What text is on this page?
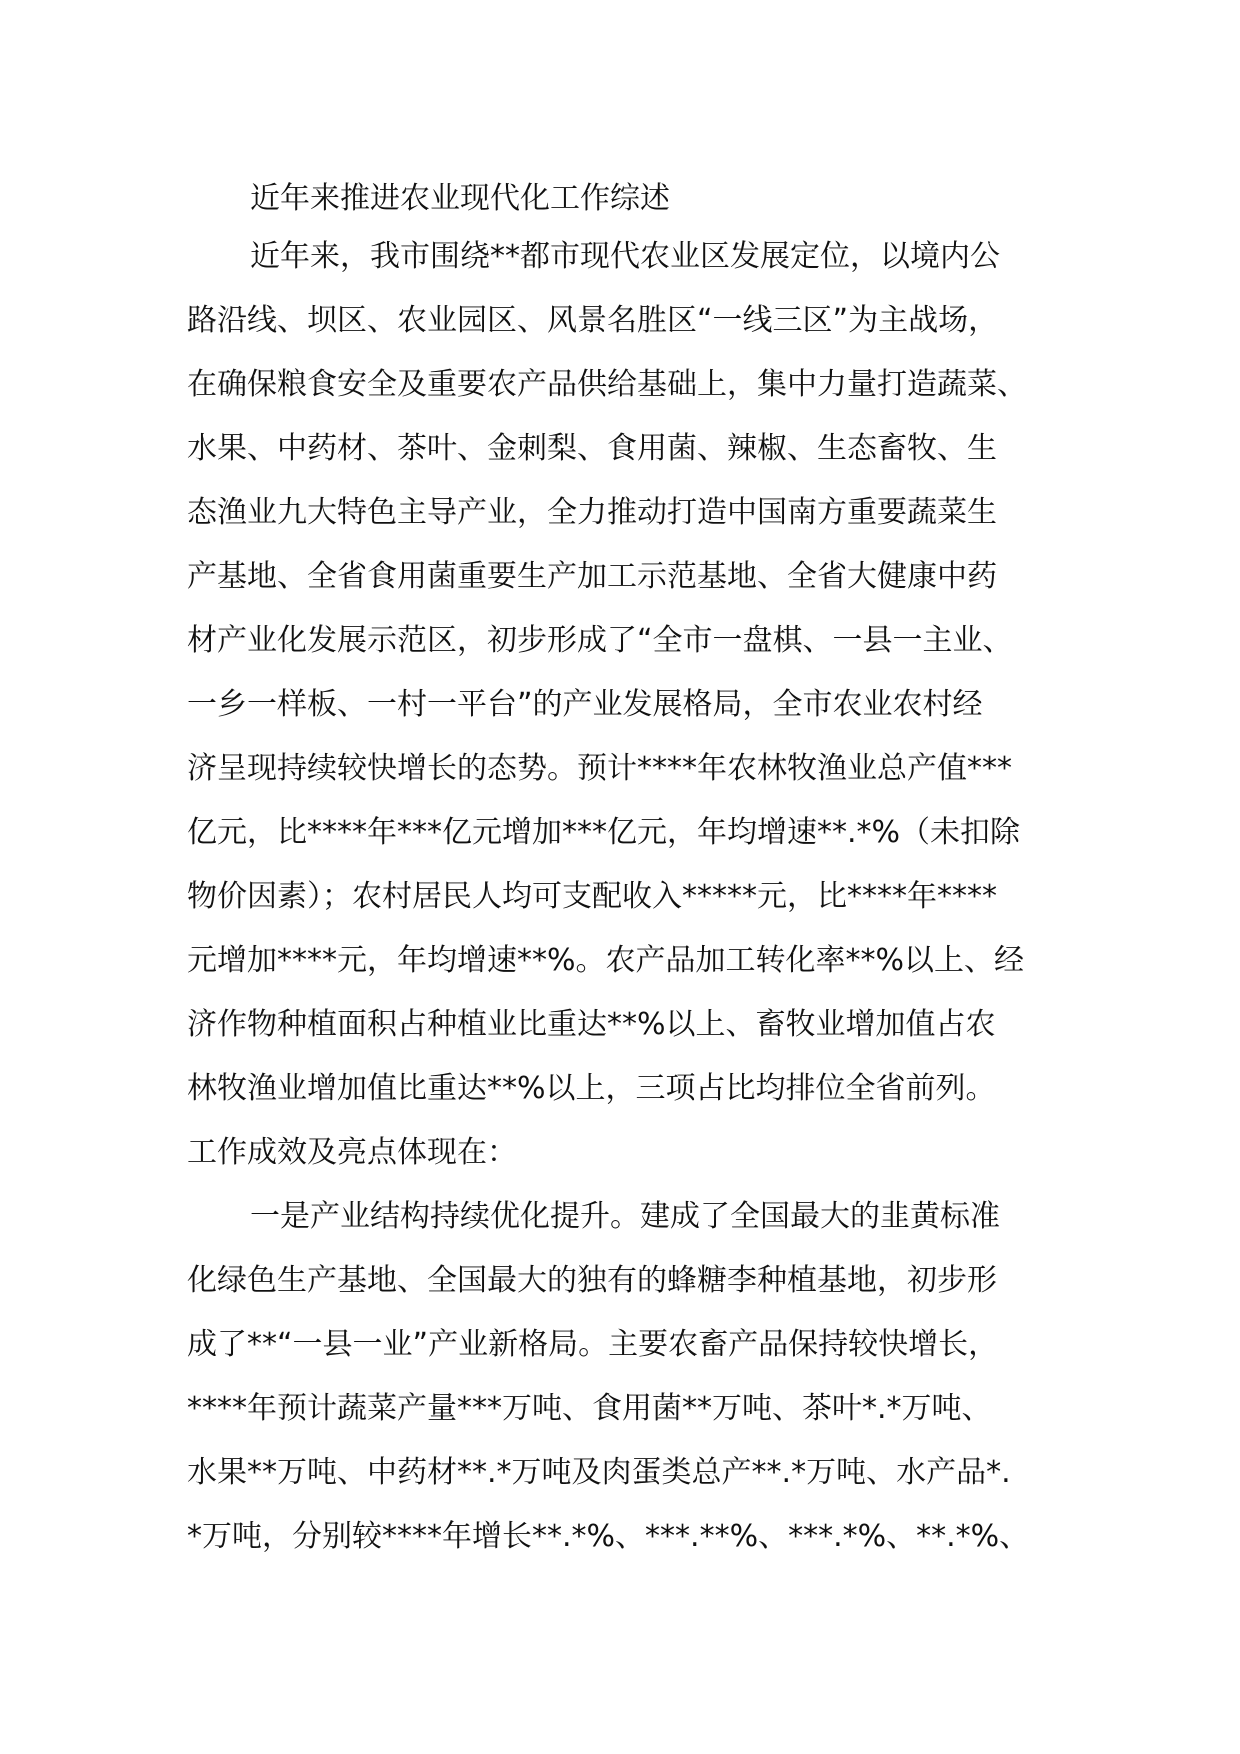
近年来推进农业现代化工作综述

近年来，我市围绕**都市现代农业区发展定位，以境内公

路沿线、坝区、农业园区、风景名胜区“一线三区”为主战场，

在确保粮食安全及重要农产品供给基础上，集中力量打造蔬菜、

水果、中药材、茶叶、金刺梨、食用菌、辣椒、生态畜牧、生

态渔业九大特色主导产业，全力推动打造中国南方重要蔬菜生

产基地、全省食用菌重要生产加工示范基地、全省大健康中药

材产业化发展示范区，初步形成了“全市一盘棋、一县一主业、

一乡一样板、一村一平台”的产业发展格局，全市农业农村经

济呈现持续较快增长的态势。预计****年农林牧渔业总产值***

亿元，比****年***亿元增加***亿元，年均增速**.*%（未扣除

物价因素）；农村居民人均可支配收入*****元，比****年****

元增加****元，年均增速**%。农产品加工转化率**%以上、经

济作物种植面积占种植业比重达**%以上、畜牧业增加值占农

林牧渔业增加值比重达**%以上，三项占比均排位全省前列。

工作成效及亮点体现在：

一是产业结构持续优化提升。建成了全国最大的韭黄标准

化绿色生产基地、全国最大的独有的蜂糖李种植基地，初步形

成了**“一县一业”产业新格局。主要农畜产品保持较快增长，

****年预计蔬菜产量***万吨、食用菌**万吨、茶叶*.*万吨、

水果**万吨、中药材**.*万吨及肉蛋类总产**.*万吨、水产品*.

*万吨，分别较****年增长**.*%、***.**%、***.*%、**.*%、
